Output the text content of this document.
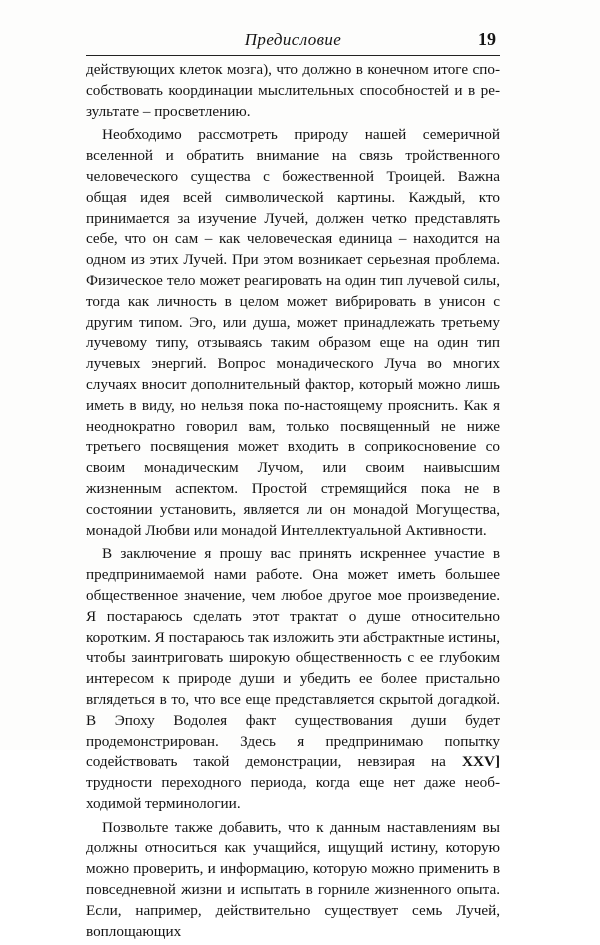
Предисловие	19

действующих клеток мозга), что должно в конечном итоге способствовать координации мыслительных способностей и в результате – просветлению.

Необходимо рассмотреть природу нашей семеричной вселенной и обратить внимание на связь тройственного человеческого существа с божественной Троицей. Важна общая идея всей символической картины. Каждый, кто принимается за изучение Лучей, должен четко представлять себе, что он сам – как человеческая единица – находится на одном из этих Лучей. При этом возникает серьезная проблема. Физическое тело может реагировать на один тип лучевой силы, тогда как личность в целом может вибрировать в унисон с другим типом. Эго, или душа, может принадлежать третьему лучевому типу, отзываясь таким образом еще на один тип лучевых энергий. Вопрос монадического Луча во многих случаях вносит дополнительный фактор, который можно лишь иметь в виду, но нельзя пока по-настоящему прояснить. Как я неоднократно говорил вам, только посвященный не ниже третьего посвящения может входить в соприкосновение со своим монадическим Лучом, или своим наивысшим жизненным аспектом. Простой стремящийся пока не в состоянии установить, является ли он монадой Могущества, монадой Любви или монадой Интеллектуальной Активности.

В заключение я прошу вас принять искреннее участие в предпринимаемой нами работе. Она может иметь большее общественное значение, чем любое другое мое произведение. Я постараюсь сделать этот трактат о душе относительно коротким. Я постараюсь так изложить эти абстрактные истины, чтобы заинтриговать широкую общественность с ее глубоким интересом к природе души и убедить ее более пристально вглядеться в то, что все еще представляется скрытой догадкой. В Эпоху Водолея факт существования души будет продемонстрирован. Здесь я предпринимаю попытку содействовать такой демонстрации, невзирая на XXV] трудности переходного периода, когда еще нет даже необходимой терминологии.

Позвольте также добавить, что к данным наставлениям вы должны относиться как учащийся, ищущий истину, которую можно проверить, и информацию, которую можно применить в повседневной жизни и испытать в горниле жизненного опыта. Если, например, действительно существует семь Лучей, воплощающих
